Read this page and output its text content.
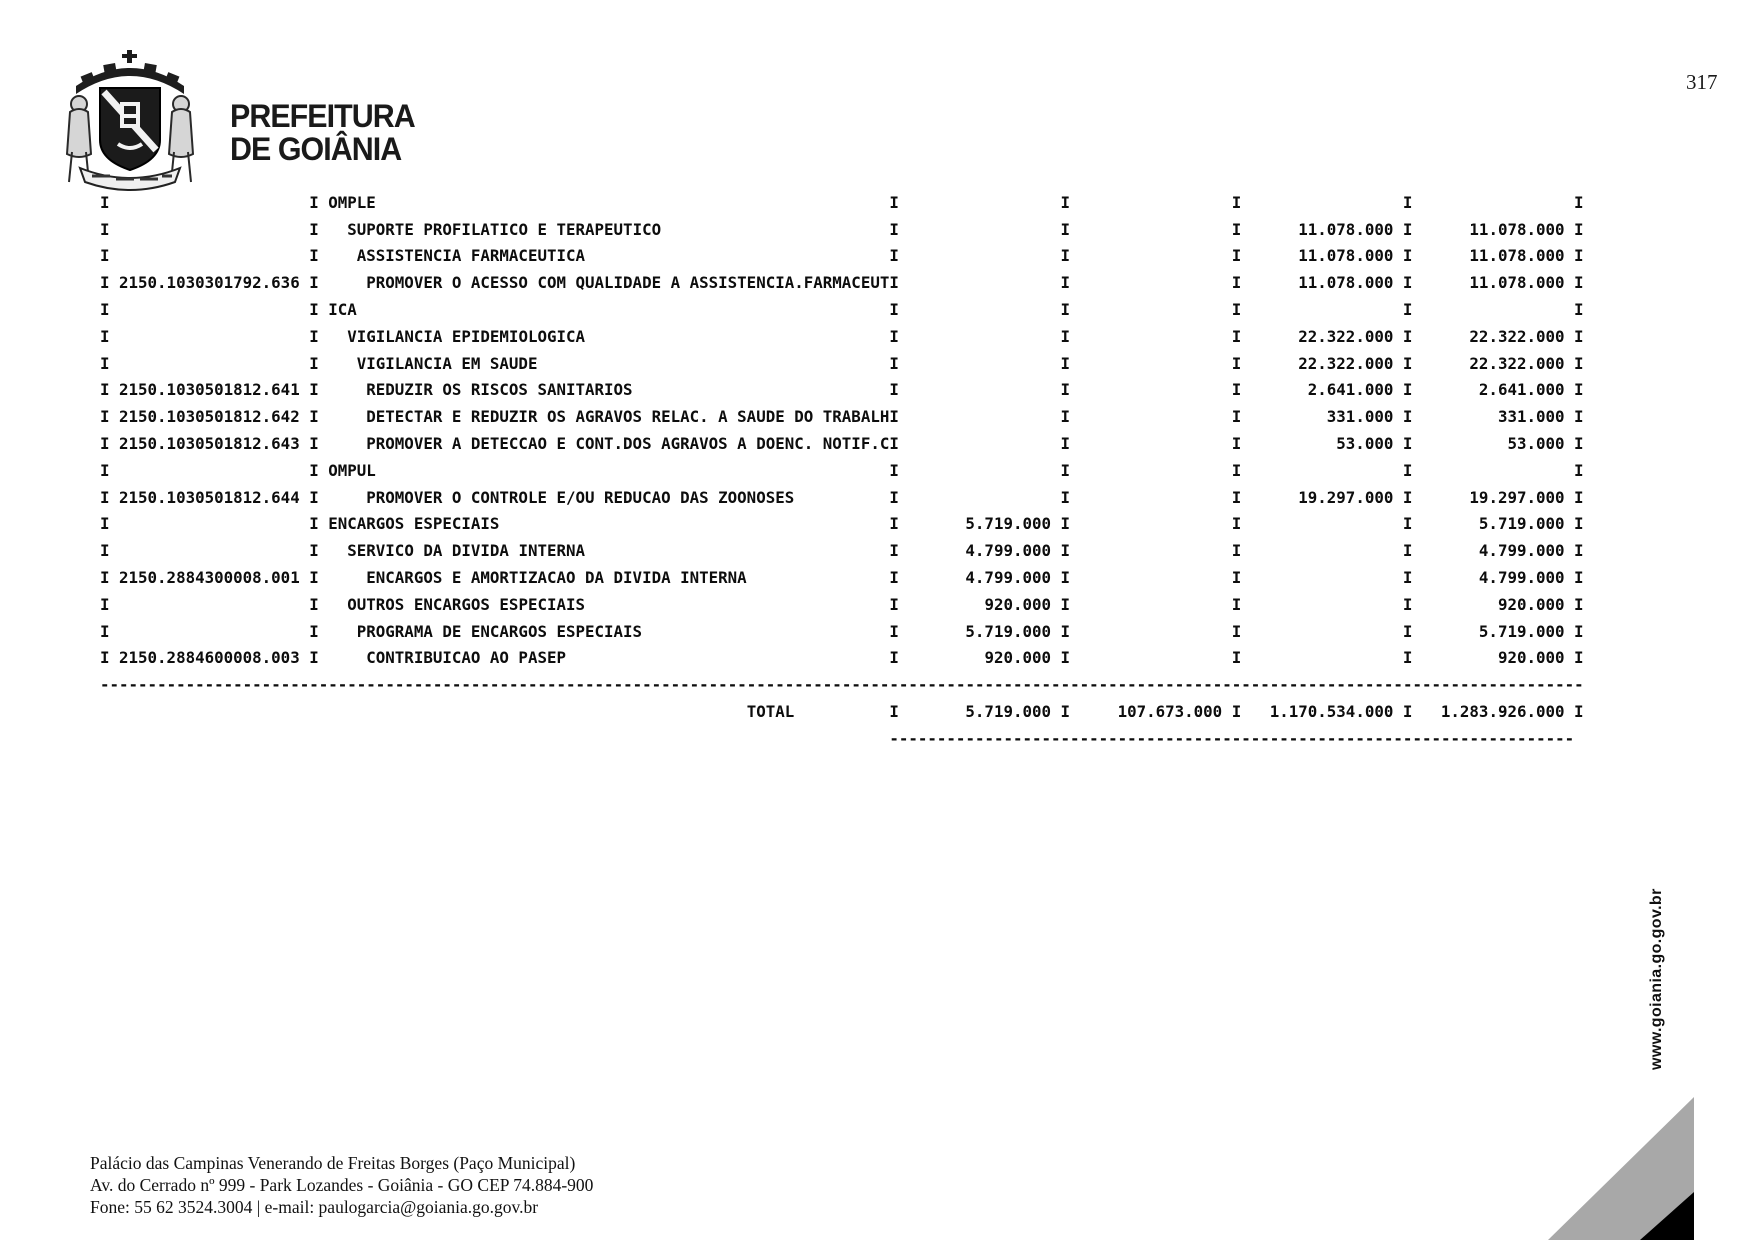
PREFEITURA
DE GOIÂNIA
317
I	I OMPLE	I	I	I	I	I
I	I	SUPORTE PROFILATICO E TERAPEUTICO	I	I	I	11.078.000 I	11.078.000 I
I	I	ASSISTENCIA FARMACEUTICA	I	I	I	11.078.000 I	11.078.000 I
I 2150.1030301792.636 I	PROMOVER O ACESSO COM QUALIDADE A ASSISTENCIA.FARMACEUT I	I	I	11.078.000 I	11.078.000 I
I	I ICA	I	I	I	I	I
I	I	VIGILANCIA EPIDEMIOLOGICA	I	I	I	22.322.000 I	22.322.000 I
I	I	VIGILANCIA EM SAUDE	I	I	I	22.322.000 I	22.322.000 I
I 2150.1030501812.641 I	REDUZIR OS RISCOS SANITARIOS	I	I	I	2.641.000 I	2.641.000 I
I 2150.1030501812.642 I	DETECTAR E REDUZIR OS AGRAVOS RELAC. A SAUDE DO TRABALH I	I	I	331.000 I	331.000 I
I 2150.1030501812.643 I	PROMOVER A DETECCAO E CONT.DOS AGRAVOS A DOENC. NOTIF.C I	I	I	53.000 I	53.000 I
I	I OMPUL	I	I	I	I	I
I 2150.1030501812.644 I	PROMOVER O CONTROLE E/OU REDUCAO DAS ZOONOSES	I	I	I	19.297.000 I	19.297.000 I
I	I ENCARGOS ESPECIAIS	I	5.719.000 I	I	I	5.719.000 I
I	I	SERVICO DA DIVIDA INTERNA	I	4.799.000 I	I	I	4.799.000 I
I 2150.2884300008.001 I	ENCARGOS E AMORTIZACAO DA DIVIDA INTERNA	I	4.799.000 I	I	I	4.799.000 I
I	I	OUTROS ENCARGOS ESPECIAIS	I	920.000 I	I	I	920.000 I
I	I	PROGRAMA DE ENCARGOS ESPECIAIS	I	5.719.000 I	I	I	5.719.000 I
I 2150.2884600008.003 I	CONTRIBUICAO AO PASEP	I	920.000 I	I	I	920.000 I
------------------------------------------------------------------------------------------------------------------------------------------------------------

TOTAL	I	5.719.000 I	107.673.000 I	1.170.534.000 I	1.283.926.000 I
------------------------------------------------------------------------
Palácio das Campinas Venerando de Freitas Borges (Paço Municipal)
Av. do Cerrado nº 999 - Park Lozandes - Goiânia - GO CEP 74.884-900
Fone: 55 62 3524.3004 | e-mail: paulogarcia@goiania.go.gov.br
www.goiania.go.gov.br
